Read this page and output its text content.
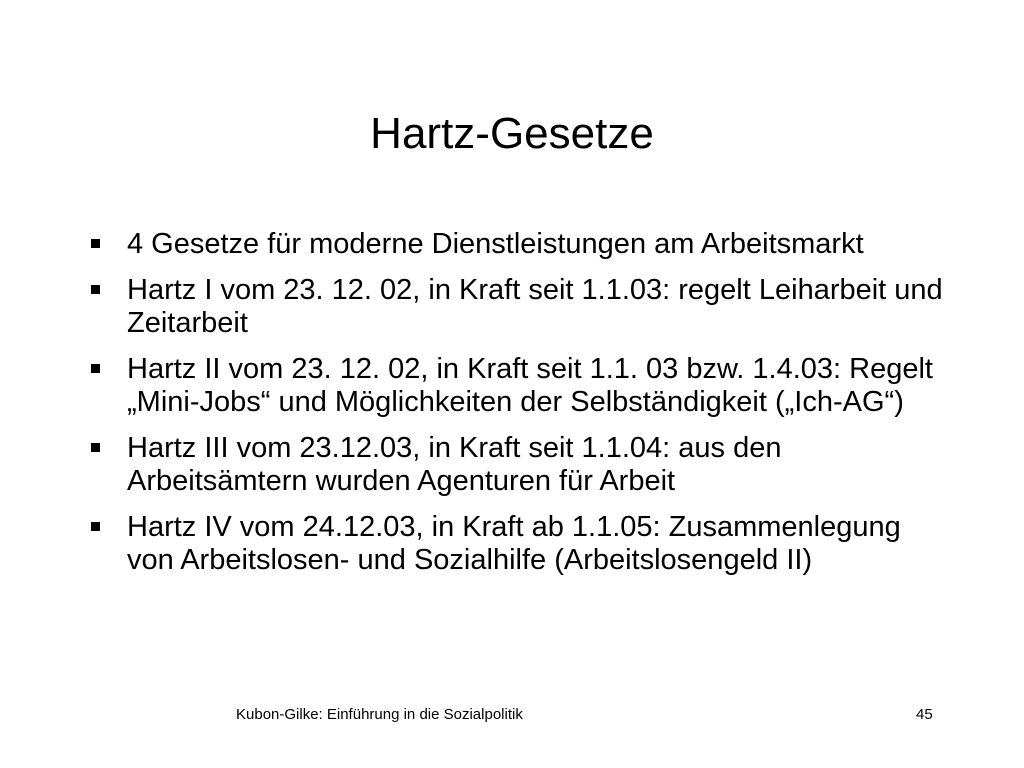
Hartz-Gesetze
4 Gesetze für moderne Dienstleistungen am Arbeitsmarkt
Hartz I vom 23. 12. 02, in Kraft seit 1.1.03: regelt Leiharbeit und Zeitarbeit
Hartz II vom 23. 12. 02, in Kraft seit 1.1. 03 bzw. 1.4.03: Regelt „Mini-Jobs“ und Möglichkeiten der Selbständigkeit („Ich-AG“)
Hartz III vom 23.12.03, in Kraft seit 1.1.04: aus den Arbeitsämtern wurden Agenturen für Arbeit
Hartz IV vom 24.12.03, in Kraft ab 1.1.05: Zusammenlegung von Arbeitslosen- und Sozialhilfe (Arbeitslosengeld II)
Kubon-Gilke: Einführung in die Sozialpolitik	45
